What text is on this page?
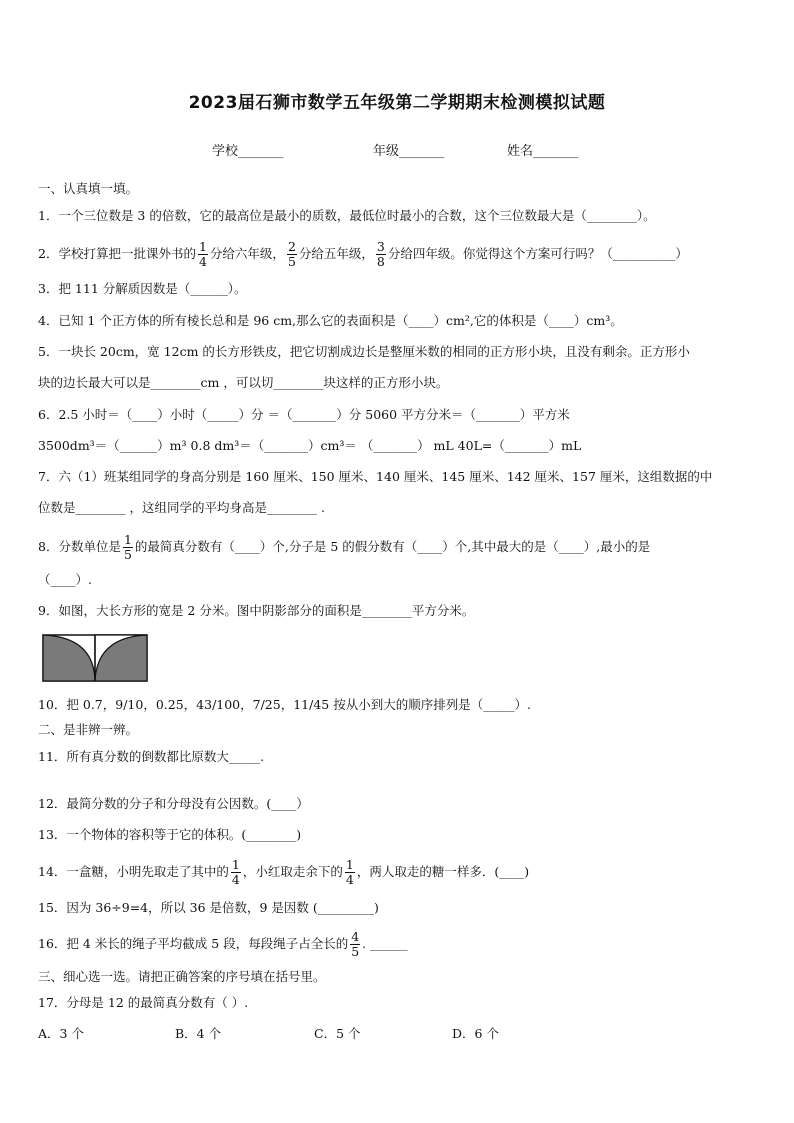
2023届石狮市数学五年级第二学期期末检测模拟试题
学校_______	年级_______	姓名_______
一、认真填一填。
1．一个三位数是 3 的倍数，它的最高位是最小的质数，最低位时最小的合数，这个三位数最大是（________）。
2．学校打算把一批课外书的 $\frac{1}{4}$ 分给六年级， $\frac{2}{5}$ 分给五年级， $\frac{3}{8}$ 分给四年级。你觉得这个方案可行吗？（__________）
3．把 111 分解质因数是（______）。
4．已知 1 个正方体的所有棱长总和是 96 cm,那么它的表面积是（____）cm²,它的体积是（____）cm³。
5．一块长 20cm，宽 12cm 的长方形铁皮，把它切割成边长是整厘米数的相同的正方形小块，且没有剩余。正方形小
块的边长最大可以是________cm ，可以切________块这样的正方形小块。
6．2.5 小时＝（____）小时（_____）分 ＝（_______）分 5060 平方分米＝（_______）平方米
3500dm³＝（______）m³ 0.8 dm³＝（_______）cm³＝ （_______） mL 40L=（_______）mL
7．六（1）班某组同学的身高分别是 160 厘米、150 厘米、140 厘米、145 厘米、142 厘米、157 厘米，这组数据的中
位数是________ ，这组同学的平均身高是________ .
8．分数单位是 $\frac{1}{5}$ 的最简真分数有（____）个,分子是 5 的假分数有（____）个,其中最大的是（____）,最小的是
（____）.
9．如图，大长方形的宽是 2 分米。图中阴影部分的面积是________平方分米。
10．把 0.7，9/10，0.25，43/100，7/25，11/45 按从小到大的顺序排列是（_____）.
二、是非辨一辨。
11．所有真分数的倒数都比原数大_____.
12．最简分数的分子和分母没有公因数。(____）
13．一个物体的容积等于它的体积。(________)
14．一盒糖，小明先取走了其中的 $\frac{1}{4}$ ，小红取走余下的 $\frac{1}{4}$ ，两人取走的糖一样多．(____)
15．因为 36÷9=4，所以 36 是倍数，9 是因数 (_________)
16．把 4 米长的绳子平均截成 5 段，每段绳子占全长的 $\frac{4}{5}$ . ______
三、细心选一选。请把正确答案的序号填在括号里。
17．分母是 12 的最简真分数有（ ）.
A．3 个	B．4 个	C．5 个	D．6 个
